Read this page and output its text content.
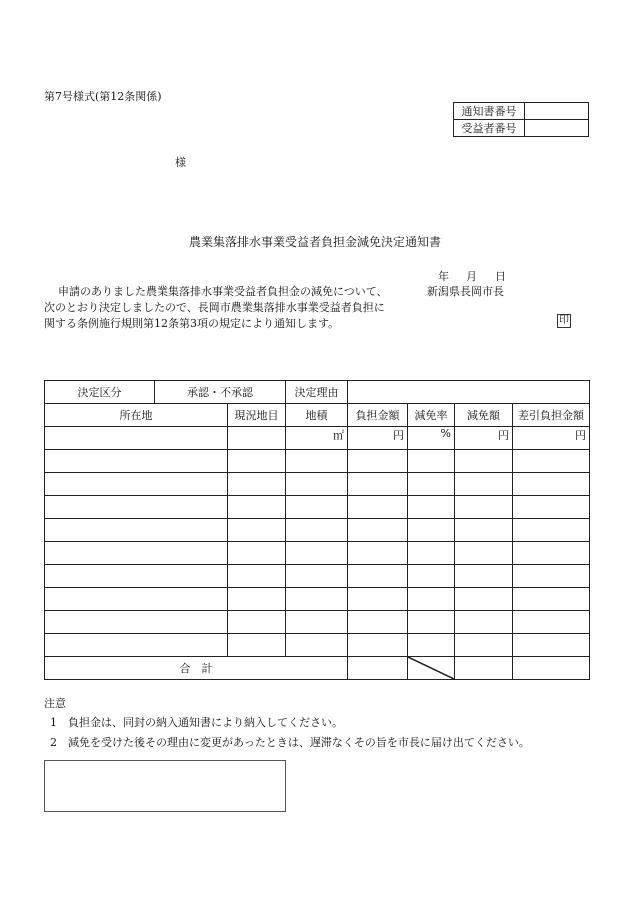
第7号様式(第12条関係)
通知書番号	
受益者番号	
様
農業集落排水事業受益者負担金減免決定通知書
年 月 日
申請のありました農業集落排水事業受益者負担金の減免について、
次のとおり決定しましたので、長岡市農業集落排水事業受益者負担に
関する条例施行規則第12条第3項の規定により通知します。
新潟県長岡市長
印
決定区分	承認・不承認		決定理由				
所在地		現況地目	地積	負担金額	減免率	減免額	差引負担金額
			㎡	円	%	円	円

合　計		

注意
1　負担金は、同封の納入通知書により納入してください。
2　減免を受けた後その理由に変更があったときは、遅滞なくその旨を市長に届け出てください。
